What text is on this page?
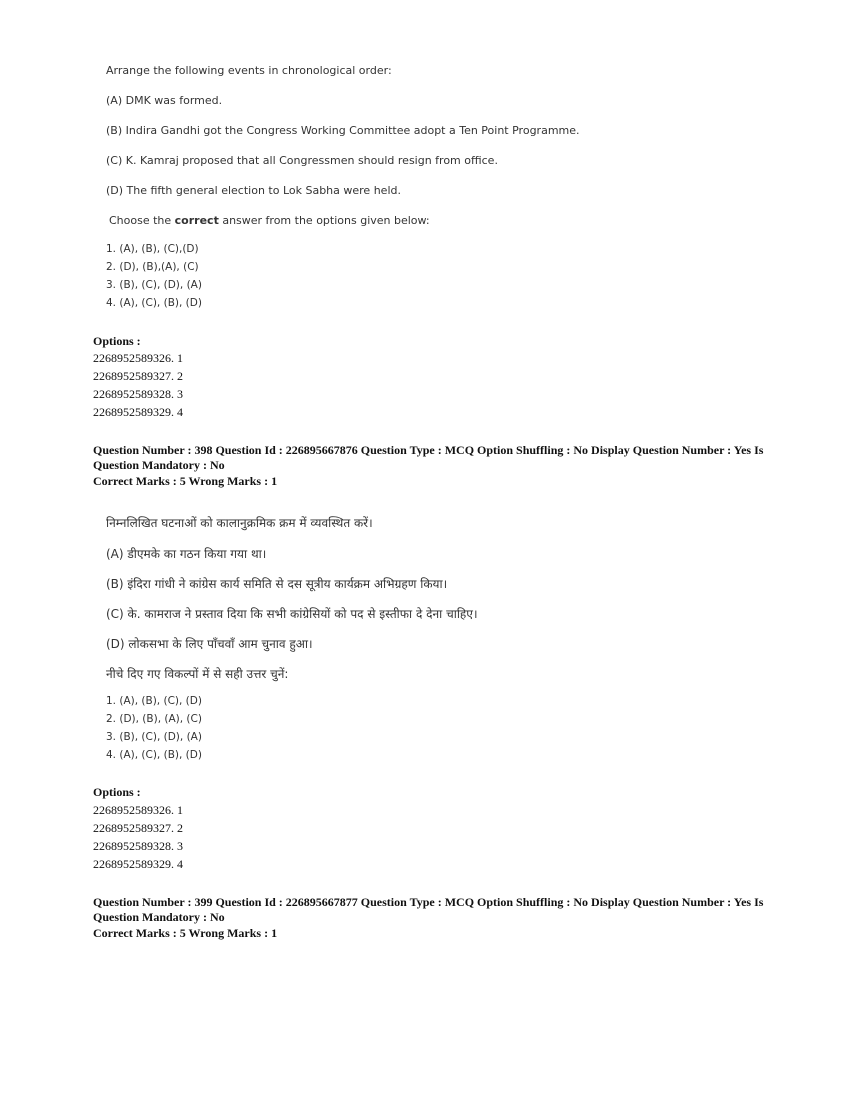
Arrange the following events in chronological order:
(A) DMK was formed.
(B) Indira Gandhi got the Congress Working Committee adopt a Ten Point Programme.
(C) K. Kamraj proposed that all Congressmen should resign from office.
(D) The fifth general election to Lok Sabha were held.
Choose the correct answer from the options given below:
1. (A), (B), (C),(D)
2. (D), (B),(A), (C)
3. (B), (C), (D), (A)
4. (A), (C), (B), (D)
Options :
2268952589326. 1
2268952589327. 2
2268952589328. 3
2268952589329. 4
Question Number : 398 Question Id : 226895667876 Question Type : MCQ Option Shuffling : No Display Question Number : Yes Is
Question Mandatory : No
Correct Marks : 5 Wrong Marks : 1
निम्नलिखित घटनाओं को कालानुक्रमिक क्रम में व्यवस्थित करें।
(A) डीएमके का गठन किया गया था।
(B) इंदिरा गांधी ने कांग्रेस कार्य समिति से दस सूत्रीय कार्यक्रम अभिग्रहण किया।
(C) के. कामराज ने प्रस्ताव दिया कि सभी कांग्रेसियों को पद से इस्तीफा दे देना चाहिए।
(D) लोकसभा के लिए पाँचवाँ आम चुनाव हुआ।
नीचे दिए गए विकल्पों में से सही उत्तर चुनें:
1. (A), (B), (C), (D)
2. (D), (B), (A), (C)
3. (B), (C), (D), (A)
4. (A), (C), (B), (D)
Options :
2268952589326. 1
2268952589327. 2
2268952589328. 3
2268952589329. 4
Question Number : 399 Question Id : 226895667877 Question Type : MCQ Option Shuffling : No Display Question Number : Yes Is
Question Mandatory : No
Correct Marks : 5 Wrong Marks : 1
